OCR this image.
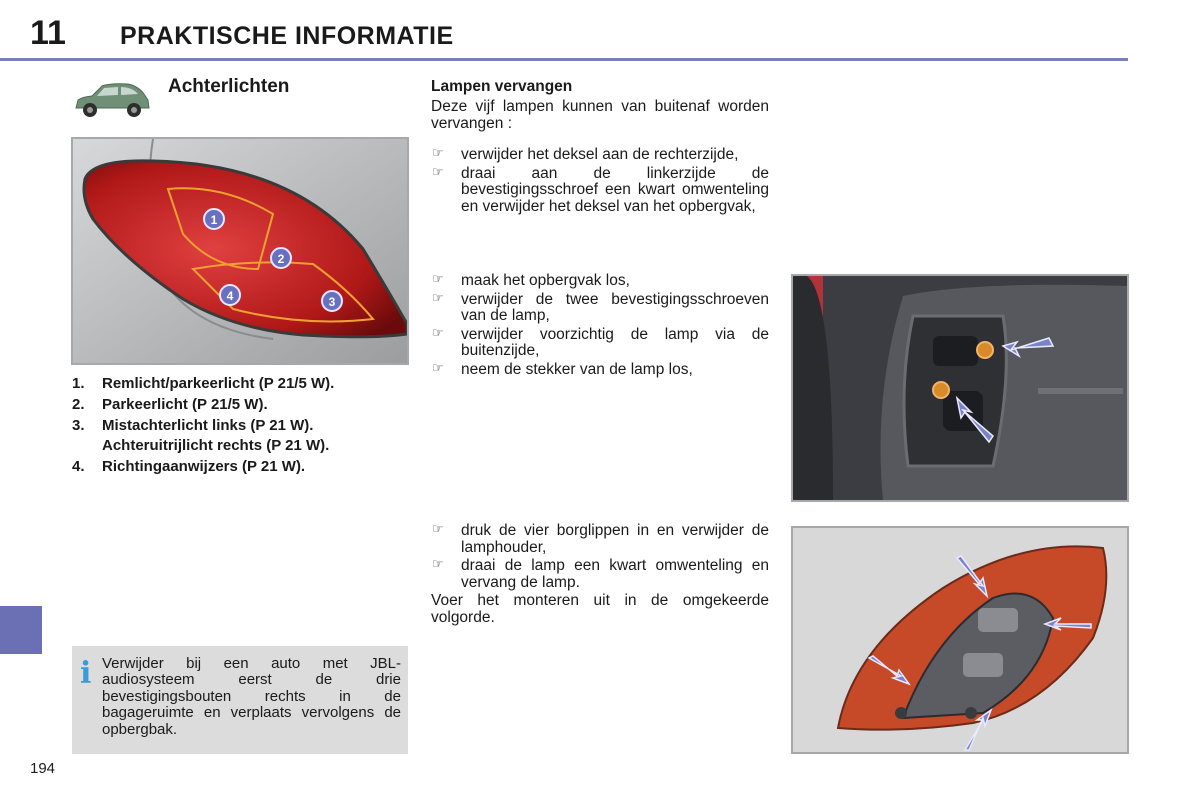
11 PRAKTISCHE INFORMATIE
194
Achterlichten
1
2
3
4
1.	Remlicht/parkeerlicht (P 21/5 W).
2.	Parkeerlicht (P 21/5 W).
3.	Mistachterlicht links (P 21 W).
Achteruitrijlicht rechts (P 21 W).
4.	Richtingaanwijzers (P 21 W).
i Verwijder bij een auto met JBL-audiosysteem eerst de drie bevestigingsbouten rechts in de bagageruimte en verplaats vervolgens de opbergbak.

Lampen vervangen

Deze vijf lampen kunnen van buitenaf worden vervangen :

☞ verwijder het deksel aan de rechterzijde,
☞ draai aan de linkerzijde de bevestigingsschroef een kwart omwenteling en verwijder het deksel van het opbergvak,
☞ maak het opbergvak los,
☞ verwijder de twee bevestigingsschroeven van de lamp,
☞ verwijder voorzichtig de lamp via de buitenzijde,
☞ neem de stekker van de lamp los,
☞ druk de vier borglippen in en verwijder de lamphouder,
☞ draai de lamp een kwart omwenteling en vervang de lamp.

Voer het monteren uit in de omgekeerde volgorde.
